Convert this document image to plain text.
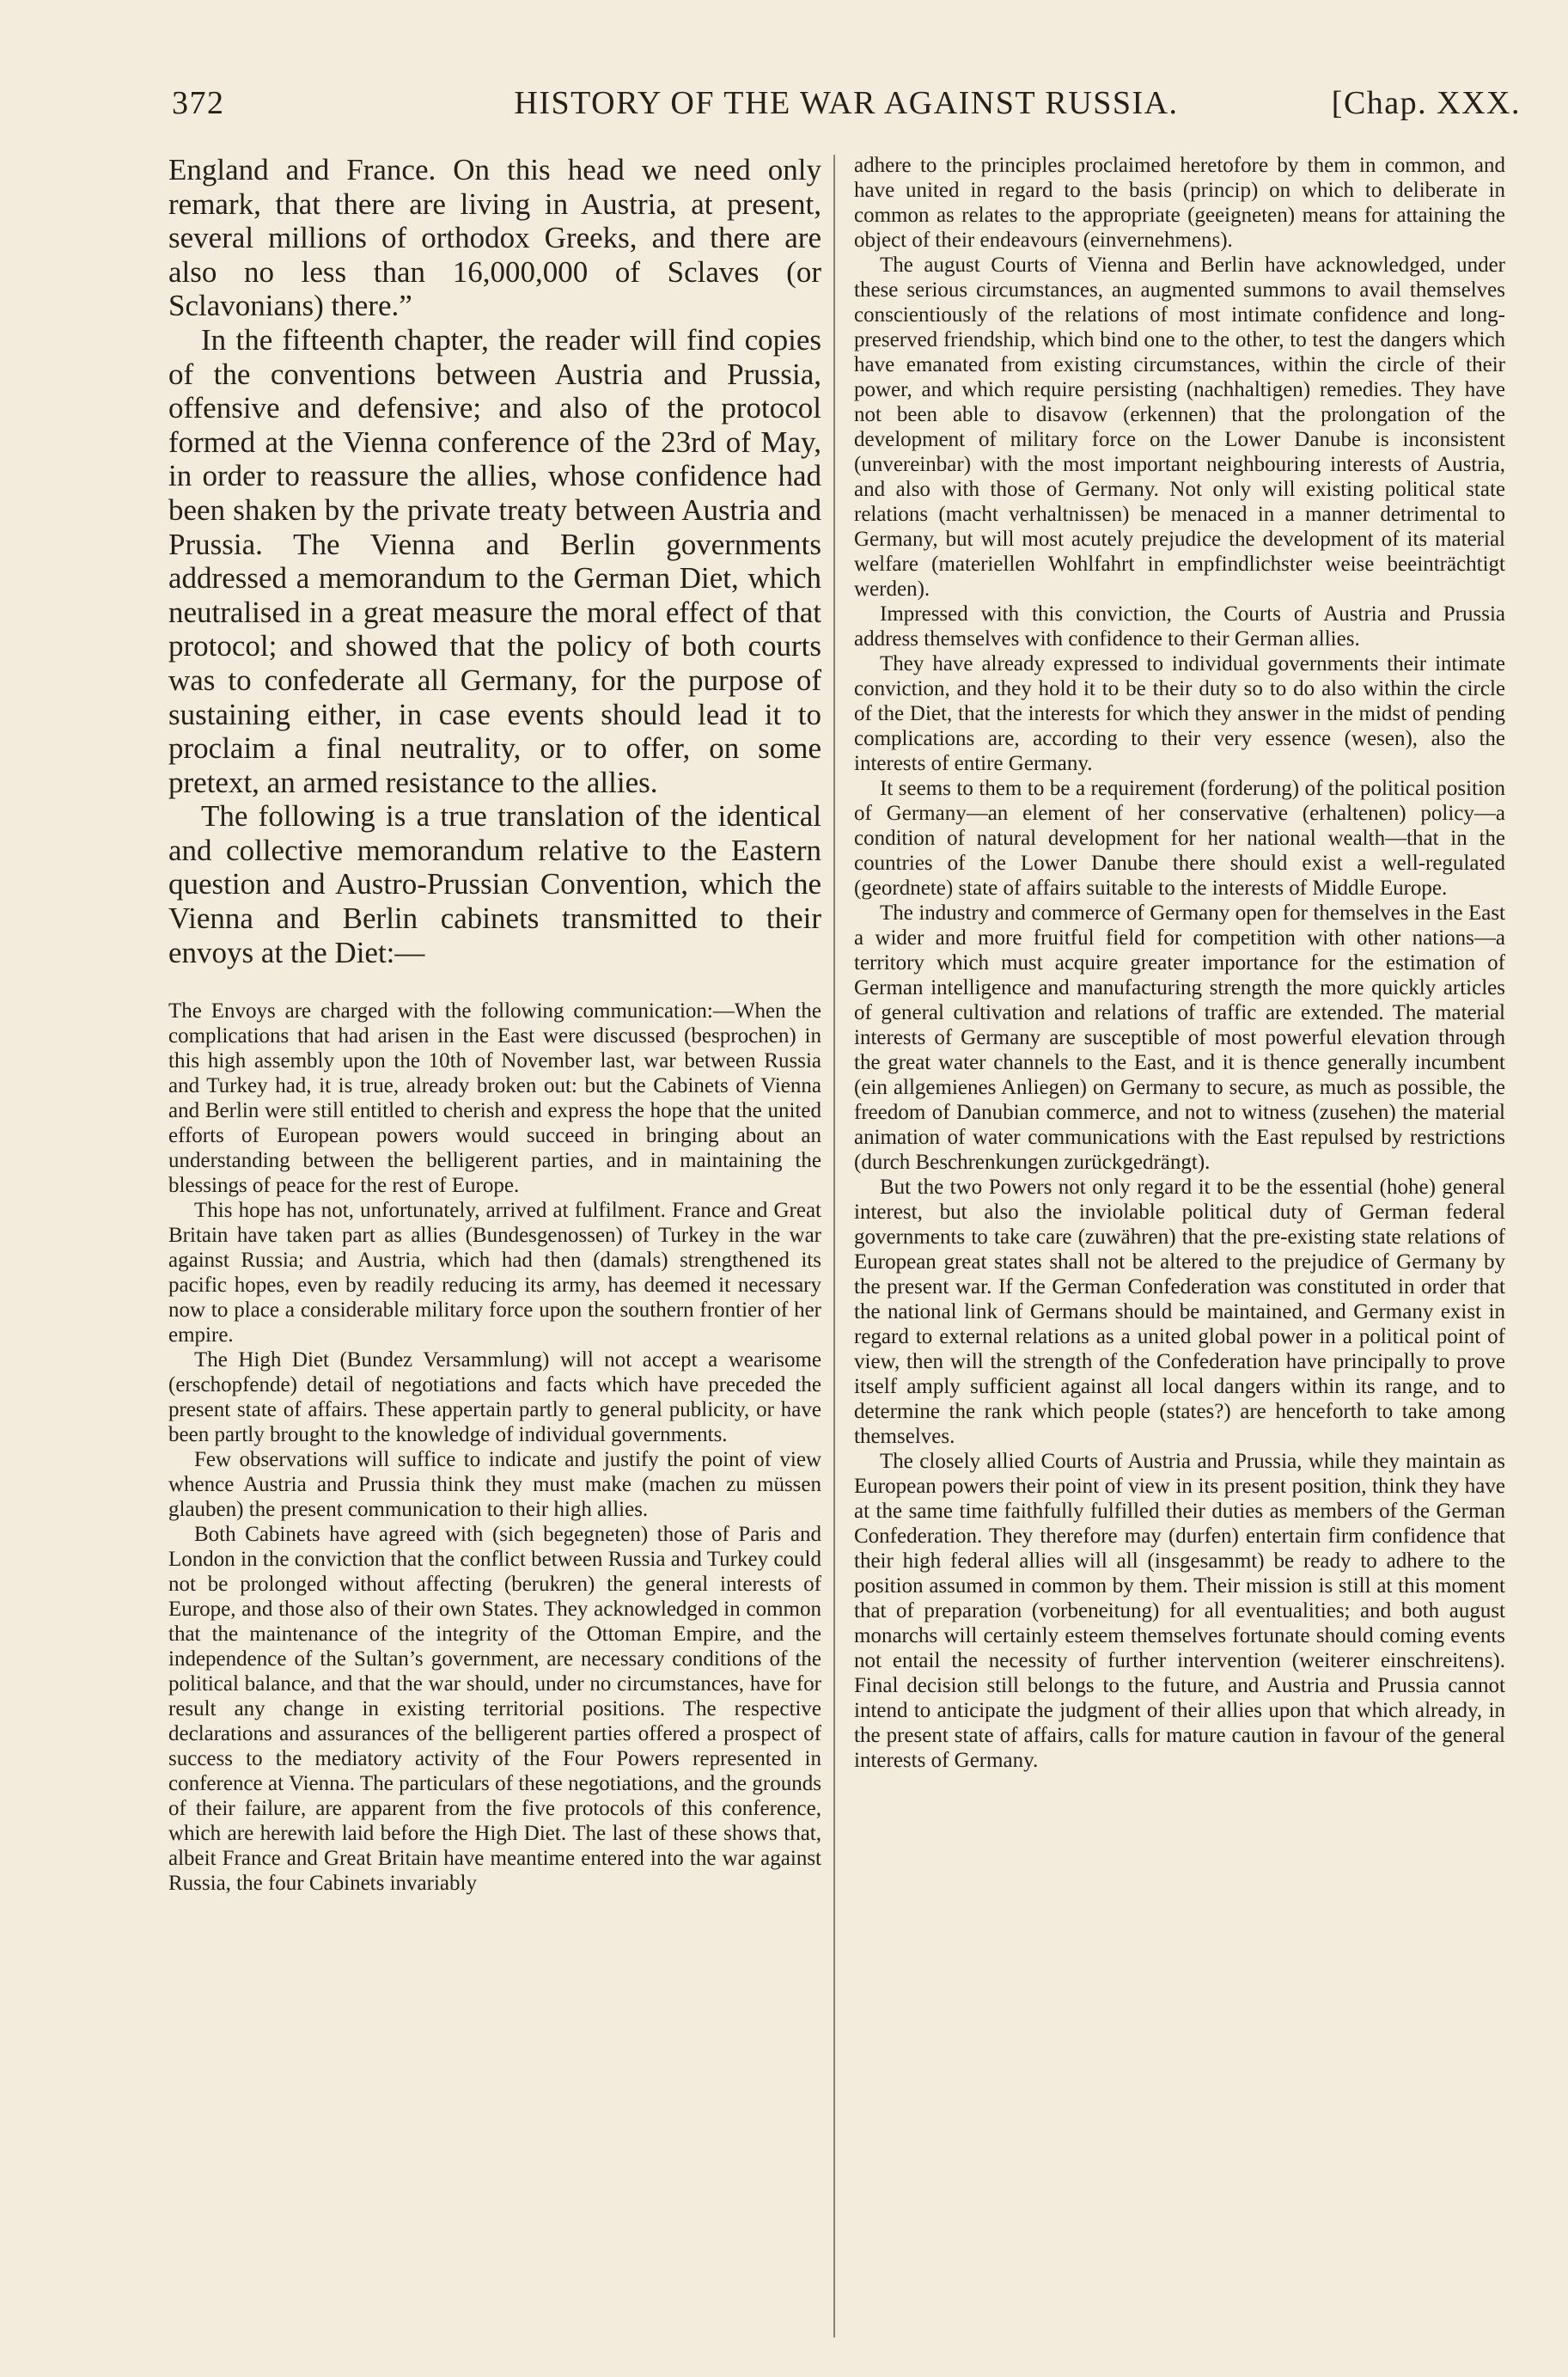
372	HISTORY OF THE WAR AGAINST RUSSIA.	[Chap. XXX.

England and France. On this head we need only remark, that there are living in Austria, at present, several millions of orthodox Greeks, and there are also no less than 16,000,000 of Sclaves (or Sclavonians) there.”

In the fifteenth chapter, the reader will find copies of the conventions between Austria and Prussia, offensive and defensive; and also of the protocol formed at the Vienna conference of the 23rd of May, in order to reassure the allies, whose confidence had been shaken by the private treaty between Austria and Prussia. The Vienna and Berlin governments addressed a memorandum to the German Diet, which neutralised in a great measure the moral effect of that protocol; and showed that the policy of both courts was to confederate all Germany, for the purpose of sustaining either, in case events should lead it to proclaim a final neutrality, or to offer, on some pretext, an armed resistance to the allies.

The following is a true translation of the identical and collective memorandum relative to the Eastern question and Austro-Prussian Convention, which the Vienna and Berlin cabinets transmitted to their envoys at the Diet:—

The Envoys are charged with the following communication:—When the complications that had arisen in the East were discussed (besprochen) in this high assembly upon the 10th of November last, war between Russia and Turkey had, it is true, already broken out: but the Cabinets of Vienna and Berlin were still entitled to cherish and express the hope that the united efforts of European powers would succeed in bringing about an understanding between the belligerent parties, and in maintaining the blessings of peace for the rest of Europe.

This hope has not, unfortunately, arrived at fulfilment. France and Great Britain have taken part as allies (Bundesgenossen) of Turkey in the war against Russia; and Austria, which had then (damals) strengthened its pacific hopes, even by readily reducing its army, has deemed it necessary now to place a considerable military force upon the southern frontier of her empire.

The High Diet (Bundez Versammlung) will not accept a wearisome (erschopfende) detail of negotiations and facts which have preceded the present state of affairs. These appertain partly to general publicity, or have been partly brought to the knowledge of individual governments.

Few observations will suffice to indicate and justify the point of view whence Austria and Prussia think they must make (machen zu müssen glauben) the present communication to their high allies.

Both Cabinets have agreed with (sich begegneten) those of Paris and London in the conviction that the conflict between Russia and Turkey could not be prolonged without affecting (berukren) the general interests of Europe, and those also of their own States. They acknowledged in common that the maintenance of the integrity of the Ottoman Empire, and the independence of the Sultan’s government, are necessary conditions of the political balance, and that the war should, under no circumstances, have for result any change in existing territorial positions. The respective declarations and assurances of the belligerent parties offered a prospect of success to the mediatory activity of the Four Powers represented in conference at Vienna. The particulars of these negotiations, and the grounds of their failure, are apparent from the five protocols of this conference, which are herewith laid before the High Diet. The last of these shows that, albeit France and Great Britain have meantime entered into the war against Russia, the four Cabinets invariably

adhere to the principles proclaimed heretofore by them in common, and have united in regard to the basis (princip) on which to deliberate in common as relates to the appropriate (geeigneten) means for attaining the object of their endeavours (einvernehmens).

The august Courts of Vienna and Berlin have acknowledged, under these serious circumstances, an augmented summons to avail themselves conscientiously of the relations of most intimate confidence and long-preserved friendship, which bind one to the other, to test the dangers which have emanated from existing circumstances, within the circle of their power, and which require persisting (nachhaltigen) remedies. They have not been able to disavow (erkennen) that the prolongation of the development of military force on the Lower Danube is inconsistent (unvereinbar) with the most important neighbouring interests of Austria, and also with those of Germany. Not only will existing political state relations (macht verhaltnissen) be menaced in a manner detrimental to Germany, but will most acutely prejudice the development of its material welfare (materiellen Wohlfahrt in empfindlichster weise beeinträchtigt werden).

Impressed with this conviction, the Courts of Austria and Prussia address themselves with confidence to their German allies.

They have already expressed to individual governments their intimate conviction, and they hold it to be their duty so to do also within the circle of the Diet, that the interests for which they answer in the midst of pending complications are, according to their very essence (wesen), also the interests of entire Germany.

It seems to them to be a requirement (forderung) of the political position of Germany—an element of her conservative (erhaltenen) policy—a condition of natural development for her national wealth—that in the countries of the Lower Danube there should exist a well-regulated (geordnete) state of affairs suitable to the interests of Middle Europe.

The industry and commerce of Germany open for themselves in the East a wider and more fruitful field for competition with other nations—a territory which must acquire greater importance for the estimation of German intelligence and manufacturing strength the more quickly articles of general cultivation and relations of traffic are extended. The material interests of Germany are susceptible of most powerful elevation through the great water channels to the East, and it is thence generally incumbent (ein allgemienes Anliegen) on Germany to secure, as much as possible, the freedom of Danubian commerce, and not to witness (zusehen) the material animation of water communications with the East repulsed by restrictions (durch Beschrenkungen zurückgedrängt).

But the two Powers not only regard it to be the essential (hohe) general interest, but also the inviolable political duty of German federal governments to take care (zuwähren) that the pre-existing state relations of European great states shall not be altered to the prejudice of Germany by the present war. If the German Confederation was constituted in order that the national link of Germans should be maintained, and Germany exist in regard to external relations as a united global power in a political point of view, then will the strength of the Confederation have principally to prove itself amply sufficient against all local dangers within its range, and to determine the rank which people (states?) are henceforth to take among themselves.

The closely allied Courts of Austria and Prussia, while they maintain as European powers their point of view in its present position, think they have at the same time faithfully fulfilled their duties as members of the German Confederation. They therefore may (durfen) entertain firm confidence that their high federal allies will all (insgesammt) be ready to adhere to the position assumed in common by them. Their mission is still at this moment that of preparation (vorbeneitung) for all eventualities; and both august monarchs will certainly esteem themselves fortunate should coming events not entail the necessity of further intervention (weiterer einschreitens). Final decision still belongs to the future, and Austria and Prussia cannot intend to anticipate the judgment of their allies upon that which already, in the present state of affairs, calls for mature caution in favour of the general interests of Germany.
